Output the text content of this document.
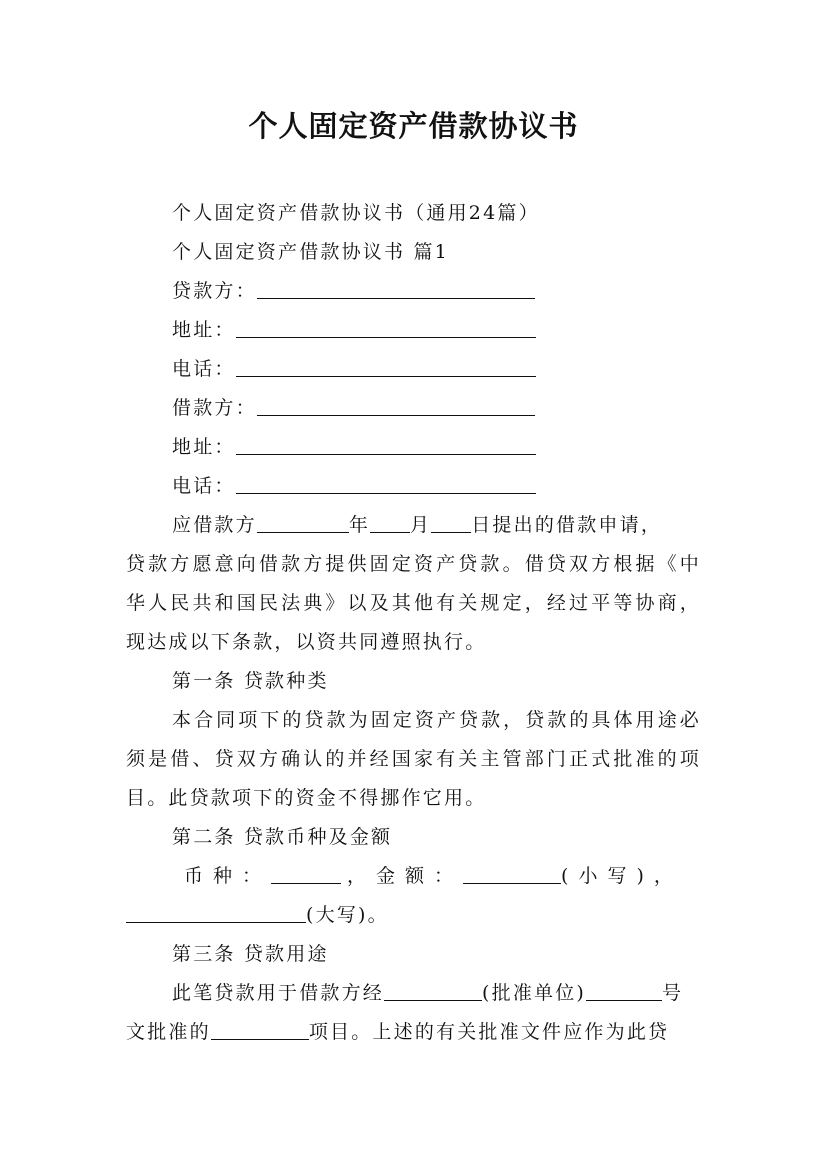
个人固定资产借款协议书
个人固定资产借款协议书（通用24篇）
个人固定资产借款协议书 篇1
贷款方：
地址：
电话：
借款方：
地址：
电话：
应借款方	年 月 日提出的借款申请，
贷款方愿意向借款方提供固定资产贷款。借贷双方根据《中
华人民共和国民法典》以及其他有关规定，经过平等协商，
现达成以下条款，以资共同遵照执行。
第一条 贷款种类
本合同项下的贷款为固定资产贷款，贷款的具体用途必
须是借、贷双方确认的并经国家有关主管部门正式批准的项
目。此贷款项下的资金不得挪作它用。
第二条 贷款币种及金额
币种：	，金额：	(小写)，
(大写)。
第三条 贷款用途
此笔贷款用于借款方经	(批准单位)	号
文批准的	项目。上述的有关批准文件应作为此贷
